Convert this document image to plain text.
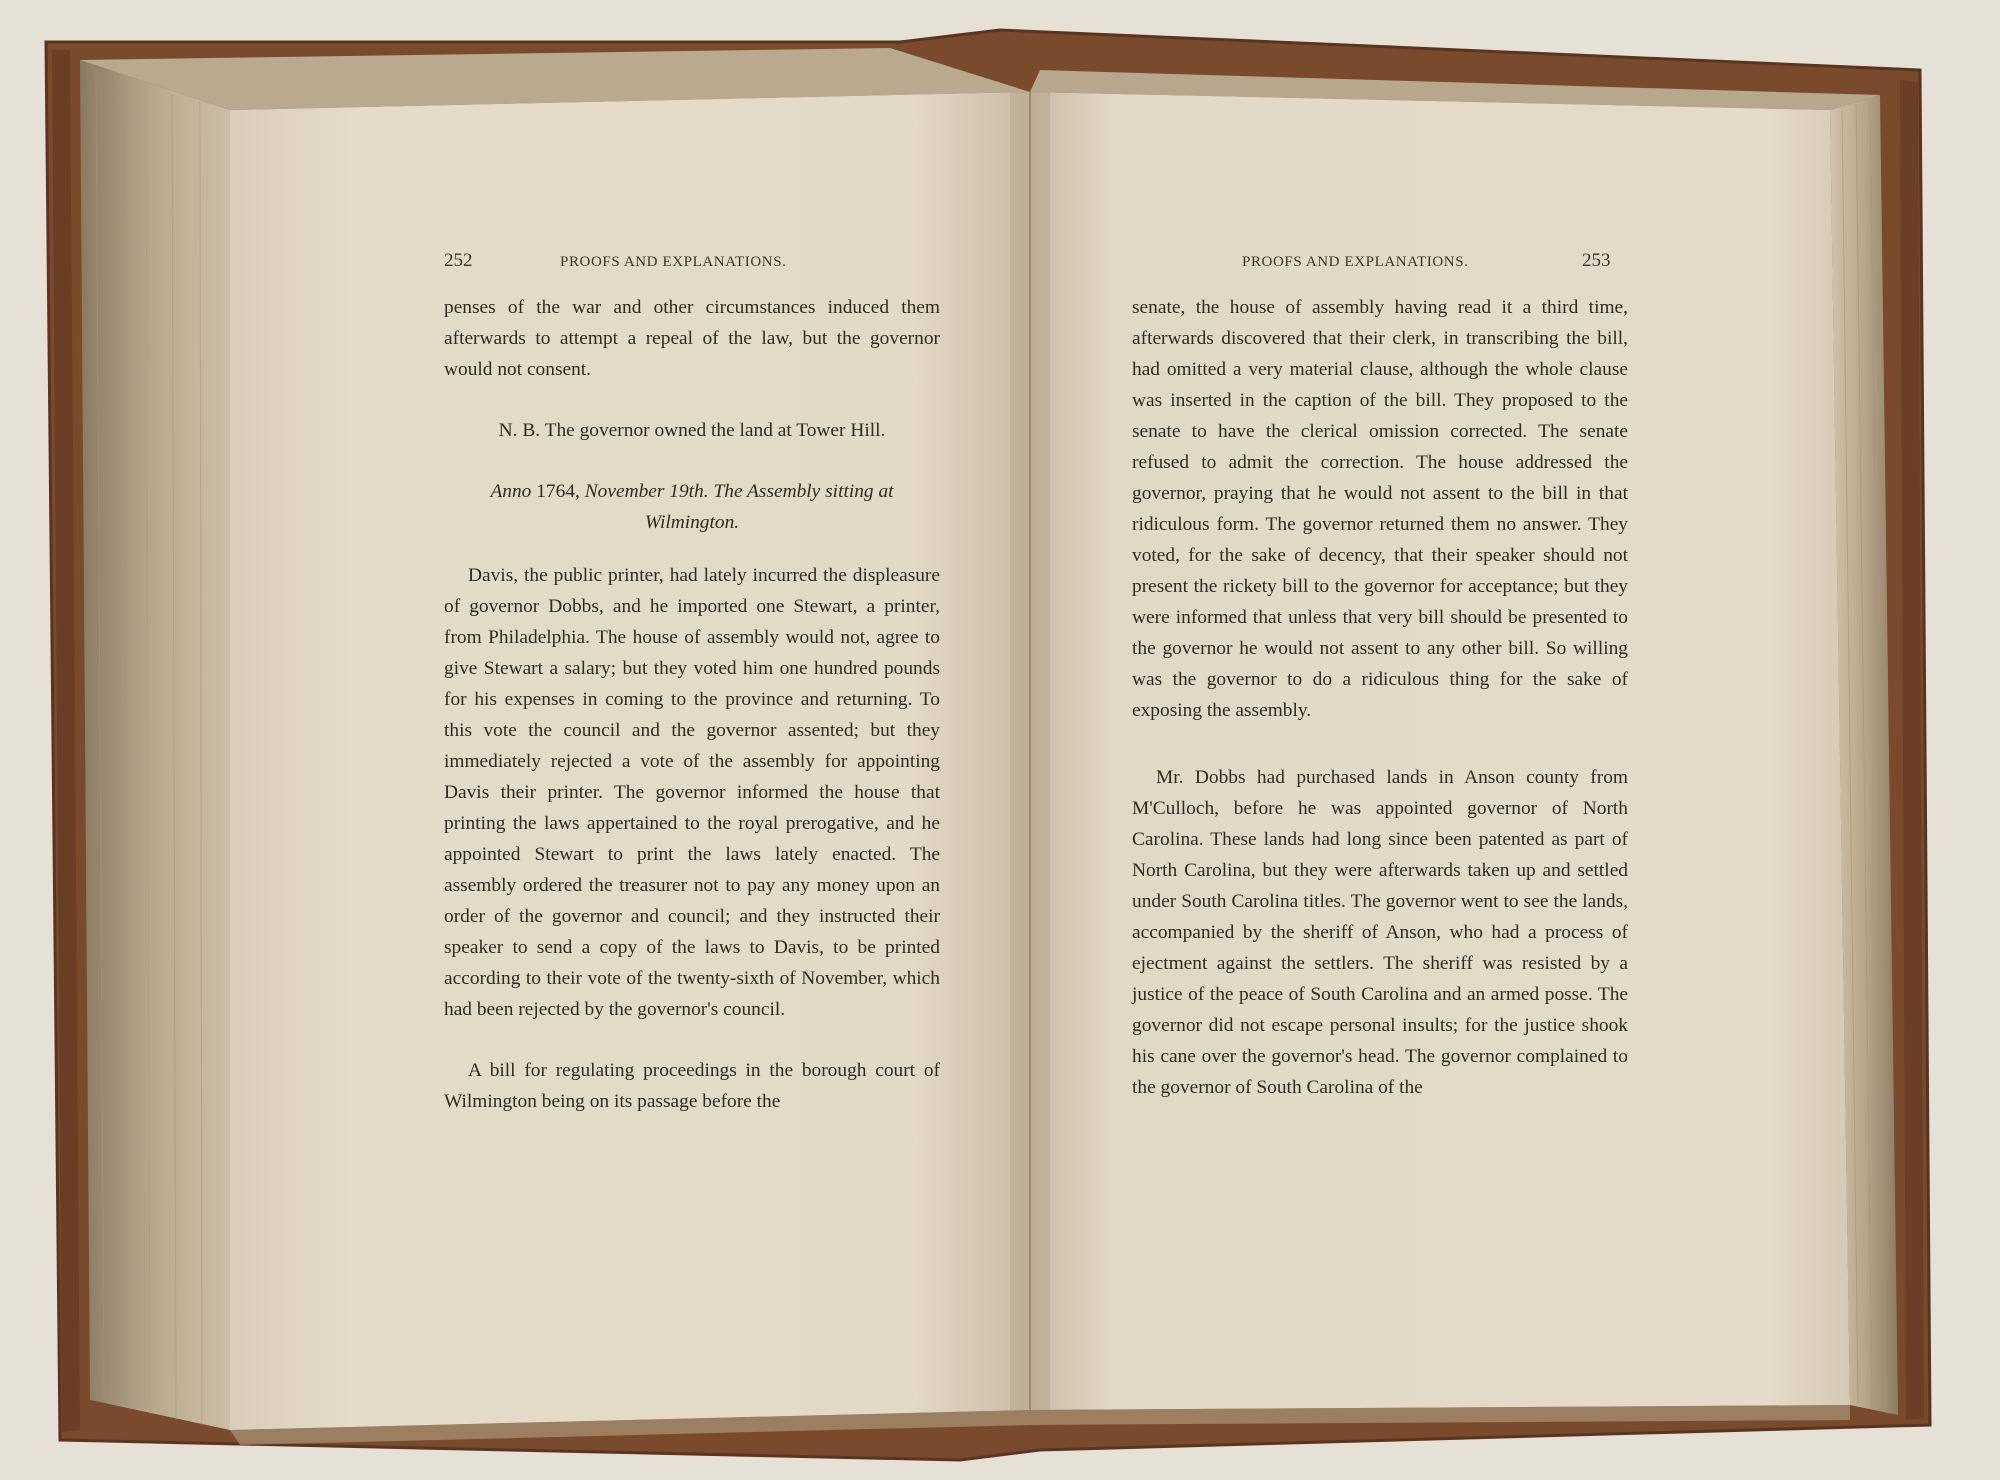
252	PROOFS AND EXPLANATIONS.

penses of the war and other circumstances induced them afterwards to attempt a repeal of the law, but the governor would not consent.

N. B. The governor owned the land at Tower Hill.

Anno 1764, November 19th. The Assembly sitting at
Wilmington.

Davis, the public printer, had lately incurred the displeasure of governor Dobbs, and he imported one Stewart, a printer, from Philadelphia. The house of assembly would not, agree to give Stewart a salary; but they voted him one hundred pounds for his expenses in coming to the province and returning. To this vote the council and the governor assented; but they immediately rejected a vote of the assembly for appointing Davis their printer. The governor informed the house that printing the laws appertained to the royal prerogative, and he appointed Stewart to print the laws lately enacted. The assembly ordered the treasurer not to pay any money upon an order of the governor and council; and they instructed their speaker to send a copy of the laws to Davis, to be printed according to their vote of the twenty-sixth of November, which had been rejected by the governor's council.

A bill for regulating proceedings in the borough court of Wilmington being on its passage before the

PROOFS AND EXPLANATIONS.	253

senate, the house of assembly having read it a third time, afterwards discovered that their clerk, in transcribing the bill, had omitted a very material clause, although the whole clause was inserted in the caption of the bill. They proposed to the senate to have the clerical omission corrected. The senate refused to admit the correction. The house addressed the governor, praying that he would not assent to the bill in that ridiculous form. The governor returned them no answer. They voted, for the sake of decency, that their speaker should not present the rickety bill to the governor for acceptance; but they were informed that unless that very bill should be presented to the governor he would not assent to any other bill. So willing was the governor to do a ridiculous thing for the sake of exposing the assembly.

Mr. Dobbs had purchased lands in Anson county from M'Culloch, before he was appointed governor of North Carolina. These lands had long since been patented as part of North Carolina, but they were afterwards taken up and settled under South Carolina titles. The governor went to see the lands, accompanied by the sheriff of Anson, who had a process of ejectment against the settlers. The sheriff was resisted by a justice of the peace of South Carolina and an armed posse. The governor did not escape personal insults; for the justice shook his cane over the governor's head. The governor complained to the governor of South Carolina of the
